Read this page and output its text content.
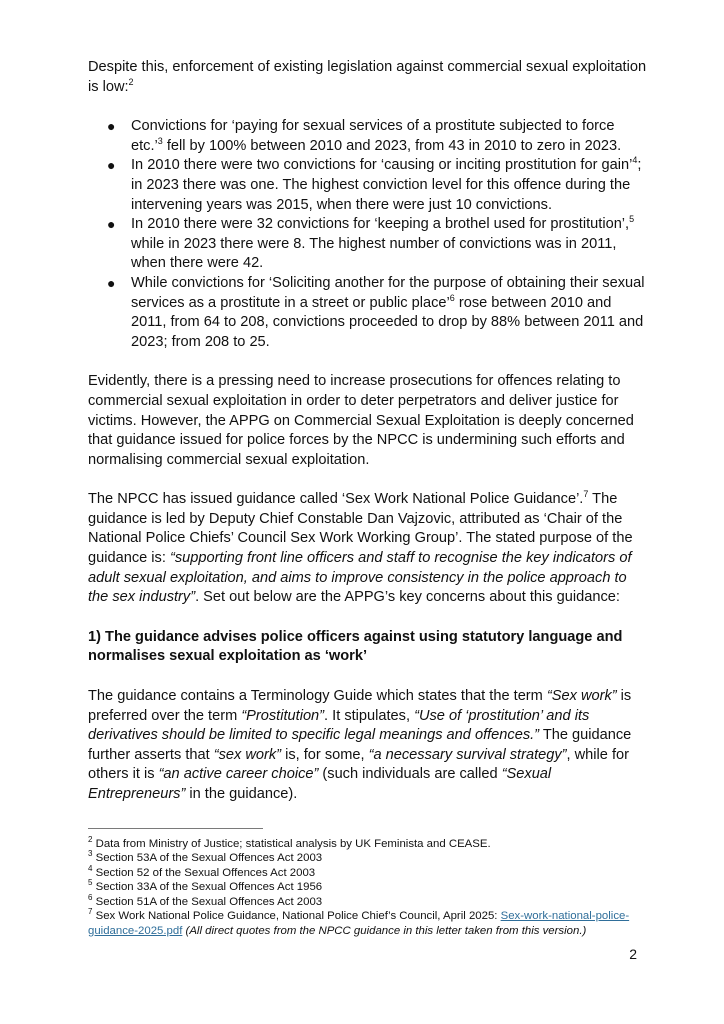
Despite this, enforcement of existing legislation against commercial sexual exploitation is low:$^2$

● Convictions for ‘paying for sexual services of a prostitute subjected to force etc.’$^3$ fell by 100% between 2010 and 2023, from 43 in 2010 to zero in 2023.
● In 2010 there were two convictions for ‘causing or inciting prostitution for gain’$^4$; in 2023 there was one. The highest conviction level for this offence during the intervening years was 2015, when there were just 10 convictions.
● In 2010 there were 32 convictions for ‘keeping a brothel used for prostitution’,$^5$ while in 2023 there were 8. The highest number of convictions was in 2011, when there were 42.
● While convictions for ‘Soliciting another for the purpose of obtaining their sexual services as a prostitute in a street or public place’$^6$ rose between 2010 and 2011, from 64 to 208, convictions proceeded to drop by 88% between 2011 and 2023; from 208 to 25.

Evidently, there is a pressing need to increase prosecutions for offences relating to commercial sexual exploitation in order to deter perpetrators and deliver justice for victims. However, the APPG on Commercial Sexual Exploitation is deeply concerned that guidance issued for police forces by the NPCC is undermining such efforts and normalising commercial sexual exploitation.

The NPCC has issued guidance called ‘Sex Work National Police Guidance’.$^7$ The guidance is led by Deputy Chief Constable Dan Vajzovic, attributed as ‘Chair of the National Police Chiefs’ Council Sex Work Working Group’. The stated purpose of the guidance is: “supporting front line officers and staff to recognise the key indicators of adult sexual exploitation, and aims to improve consistency in the police approach to the sex industry”. Set out below are the APPG’s key concerns about this guidance:

1) The guidance advises police officers against using statutory language and normalises sexual exploitation as ‘work’

The guidance contains a Terminology Guide which states that the term “Sex work” is preferred over the term “Prostitution”. It stipulates, “Use of ‘prostitution’ and its derivatives should be limited to specific legal meanings and offences.” The guidance further asserts that “sex work” is, for some, “a necessary survival strategy”, while for others it is “an active career choice” (such individuals are called “Sexual Entrepreneurs” in the guidance).

$^2$ Data from Ministry of Justice; statistical analysis by UK Feminista and CEASE.

$^3$ Section 53A of the Sexual Offences Act 2003

$^4$ Section 52 of the Sexual Offences Act 2003

$^5$ Section 33A of the Sexual Offences Act 1956

$^6$ Section 51A of the Sexual Offences Act 2003

$^7$ Sex Work National Police Guidance, National Police Chief’s Council, April 2025: Sex-work-national-police-guidance-2025.pdf (All direct quotes from the NPCC guidance in this letter taken from this version.)

2
